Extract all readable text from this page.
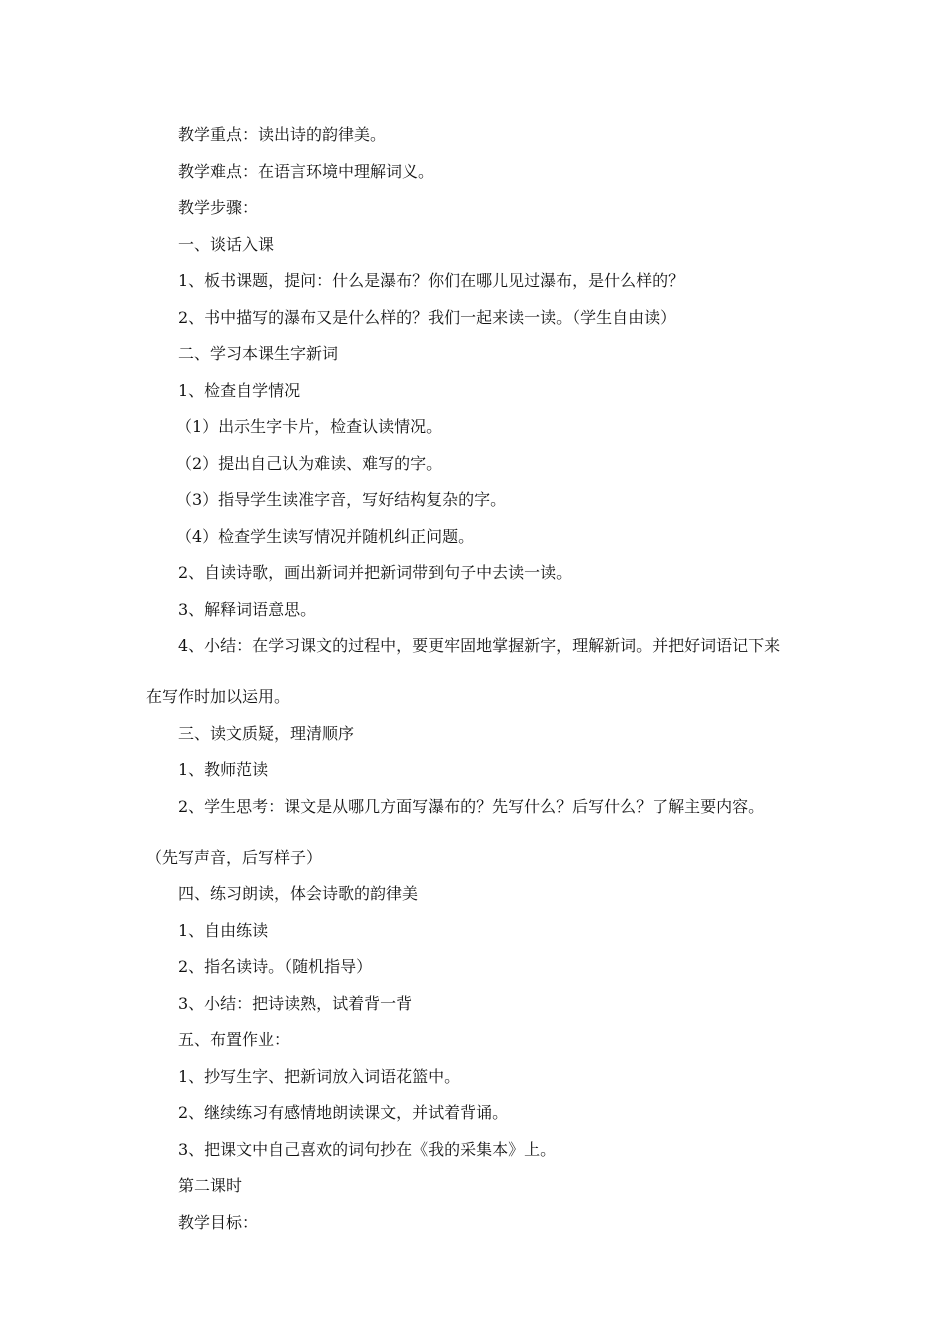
教学重点：读出诗的韵律美。
教学难点：在语言环境中理解词义。
教学步骤：
一、谈话入课
1、板书课题，提问：什么是瀑布？你们在哪儿见过瀑布，是什么样的？
2、书中描写的瀑布又是什么样的？我们一起来读一读。（学生自由读）
二、学习本课生字新词
1、检查自学情况
（1）出示生字卡片，检查认读情况。
（2）提出自己认为难读、难写的字。
（3）指导学生读准字音，写好结构复杂的字。
（4）检查学生读写情况并随机纠正问题。
2、自读诗歌，画出新词并把新词带到句子中去读一读。
3、解释词语意思。
4、小结：在学习课文的过程中，要更牢固地掌握新字，理解新词。并把好词语记下来
在写作时加以运用。
三、读文质疑，理清顺序
1、教师范读
2、学生思考：课文是从哪几方面写瀑布的？先写什么？后写什么？了解主要内容。
（先写声音，后写样子）
四、练习朗读，体会诗歌的韵律美
1、自由练读
2、指名读诗。（随机指导）
3、小结：把诗读熟，试着背一背
五、布置作业：
1、抄写生字、把新词放入词语花篮中。
2、继续练习有感情地朗读课文，并试着背诵。
3、把课文中自己喜欢的词句抄在《我的采集本》上。
第二课时
教学目标：
